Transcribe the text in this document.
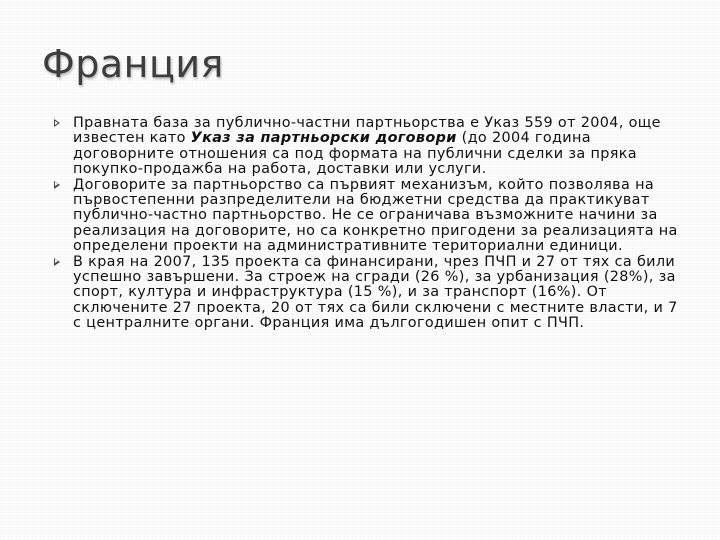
Франция
Правната база за публично-частни партньорства е Указ 559 от 2004, още известен като Указ за партньорски договори (до 2004 година договорните отношения са под формата на публични сделки за пряка покупко-продажба на работа, доставки или услуги.
Договорите за партньорство са първият механизъм, който позволява на първостепенни разпределители на бюджетни средства да практикуват публично-частно партньорство. Не се ограничава възможните начини за реализация на договорите, но са конкретно пригодени за реализацията на определени проекти на административните териториални единици.
В края на 2007, 135 проекта са финансирани, чрез ПЧП и 27 от тях са били успешно завършени. За строеж на сгради (26 %), за урбанизация (28%), за спорт, култура и инфраструктура (15 %), и за транспорт (16%). От сключените 27 проекта, 20 от тях са били сключени с местните власти, и 7 с централните органи. Франция има дългогодишен опит с ПЧП.
